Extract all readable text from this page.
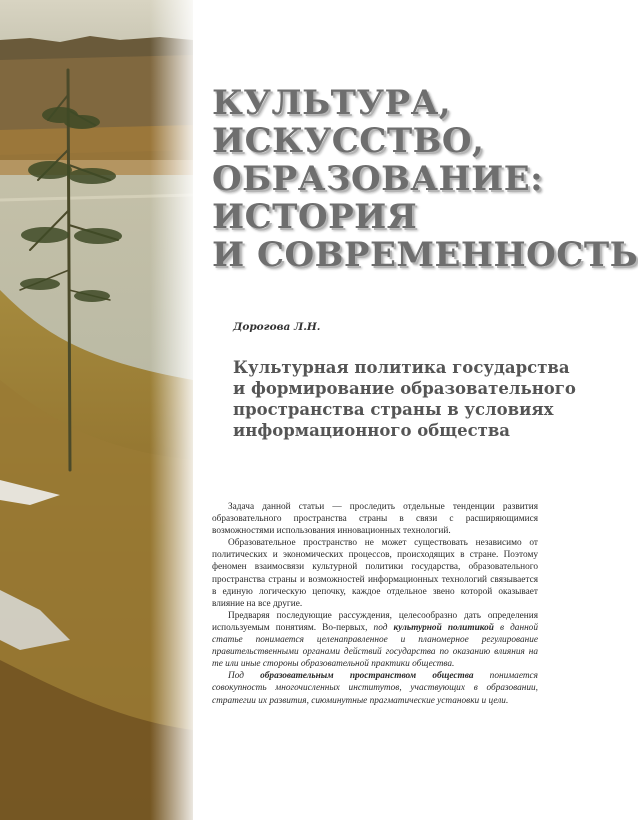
КУЛЬТУРА,
ИСКУССТВО,
ОБРАЗОВАНИЕ:
ИСТОРИЯ
И СОВРЕМЕННОСТЬ

Дорогова Л.Н.

Культурная политика государства
и формирование образовательного
пространства страны в условиях
информационного общества

Задача данной статьи — проследить отдельные тенденции развития образовательного пространства страны в связи с расширяющимися возможностями использования инновационных технологий.

Образовательное пространство не может существовать независимо от политических и экономических процессов, происходящих в стране. Поэтому феномен взаимосвязи культурной политики государства, образовательного пространства страны и возможностей информационных технологий связывается в единую логическую цепочку, каждое отдельное звено которой оказывает влияние на все другие.

Предваряя последующие рассуждения, целесообразно дать определения используемым понятиям. Во-первых, под культурной политикой в данной статье понимается целенаправленное и планомерное регулирование правительственными органами действий государства по оказанию влияния на те или иные стороны образовательной практики общества.

Под образовательным пространством общества понимается совокупность многочисленных институтов, участвующих в образовании, стратегии их развития, сиюминутные прагматические установки и цели.
